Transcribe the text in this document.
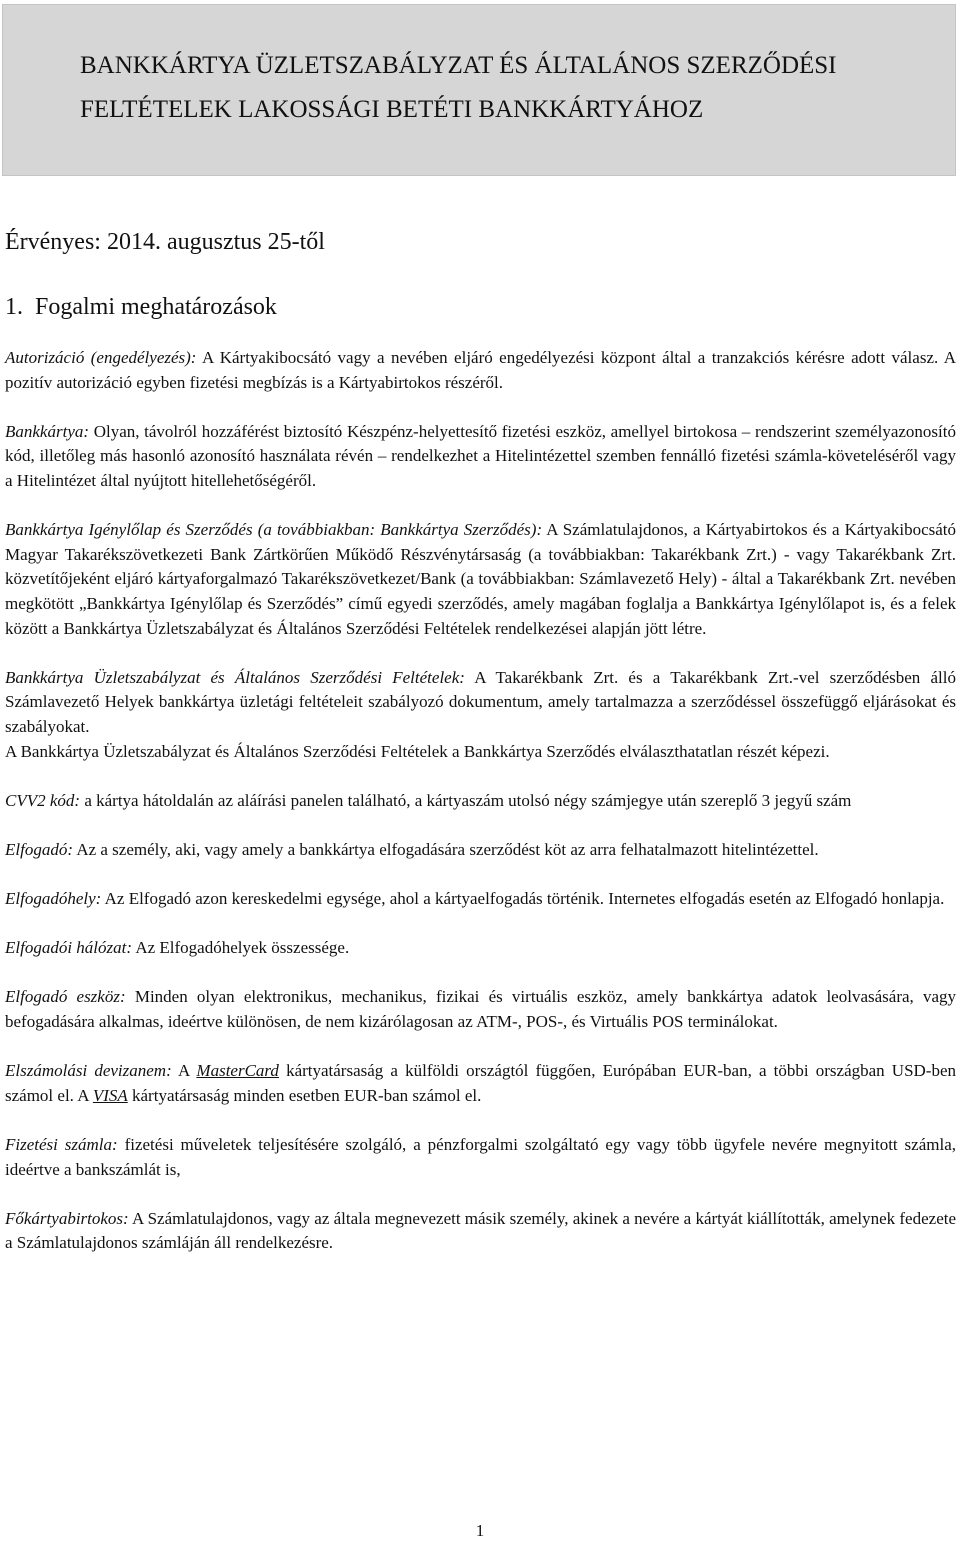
BANKKÁRTYA ÜZLETSZABÁLYZAT ÉS ÁLTALÁNOS SZERZŐDÉSI
FELTÉTELEK LAKOSSÁGI BETÉTI BANKKÁRTYÁHOZ
Érvényes: 2014. augusztus 25-től
1. Fogalmi meghatározások

Autorizáció (engedélyezés): A Kártyakibocsátó vagy a nevében eljáró engedélyezési központ által a tranzakciós kérésre adott válasz. A pozitív autorizáció egyben fizetési megbízás is a Kártyabirtokos részéről.

Bankkártya: Olyan, távolról hozzáférést biztosító Készpénz-helyettesítő fizetési eszköz, amellyel birtokosa – rendszerint személyazonosító kód, illetőleg más hasonló azonosító használata révén – rendelkezhet a Hitelintézettel szemben fennálló fizetési számla-követeléséről vagy a Hitelintézet által nyújtott hitellehetőségéről.

Bankkártya Igénylőlap és Szerződés (a továbbiakban: Bankkártya Szerződés): A Számlatulajdonos, a Kártyabirtokos és a Kártyakibocsátó Magyar Takarékszövetkezeti Bank Zártkörűen Működő Részvénytársaság (a továbbiakban: Takarékbank Zrt.) - vagy Takarékbank Zrt. közvetítőjeként eljáró kártyaforgalmazó Takarékszövetkezet/Bank (a továbbiakban: Számlavezető Hely) - által a Takarékbank Zrt. nevében megkötött „Bankkártya Igénylőlap és Szerződés” című egyedi szerződés, amely magában foglalja a Bankkártya Igénylőlapot is, és a felek között a Bankkártya Üzletszabályzat és Általános Szerződési Feltételek rendelkezései alapján jött létre.

Bankkártya Üzletszabályzat és Általános Szerződési Feltételek: A Takarékbank Zrt. és a Takarékbank Zrt.-vel szerződésben álló Számlavezető Helyek bankkártya üzletági feltételeit szabályozó dokumentum, amely tartalmazza a szerződéssel összefüggő eljárásokat és szabályokat.

A Bankkártya Üzletszabályzat és Általános Szerződési Feltételek a Bankkártya Szerződés elválaszthatatlan részét képezi.

CVV2 kód: a kártya hátoldalán az aláírási panelen található, a kártyaszám utolsó négy számjegye után szereplő 3 jegyű szám

Elfogadó: Az a személy, aki, vagy amely a bankkártya elfogadására szerződést köt az arra felhatalmazott hitelintézettel.

Elfogadóhely: Az Elfogadó azon kereskedelmi egysége, ahol a kártyaelfogadás történik. Internetes elfogadás esetén az Elfogadó honlapja.

Elfogadói hálózat: Az Elfogadóhelyek összessége.

Elfogadó eszköz: Minden olyan elektronikus, mechanikus, fizikai és virtuális eszköz, amely bankkártya adatok leolvasására, vagy befogadására alkalmas, ideértve különösen, de nem kizárólagosan az ATM-, POS-, és Virtuális POS terminálokat.

Elszámolási devizanem: A MasterCard kártyatársaság a külföldi országtól függően, Európában EUR-ban, a többi országban USD-ben számol el. A VISA kártyatársaság minden esetben EUR-ban számol el.

Fizetési számla: fizetési műveletek teljesítésére szolgáló, a pénzforgalmi szolgáltató egy vagy több ügyfele nevére megnyitott számla, ideértve a bankszámlát is,

Főkártyabirtokos: A Számlatulajdonos, vagy az általa megnevezett másik személy, akinek a nevére a kártyát kiállították, amelynek fedezete a Számlatulajdonos számláján áll rendelkezésre.

1
